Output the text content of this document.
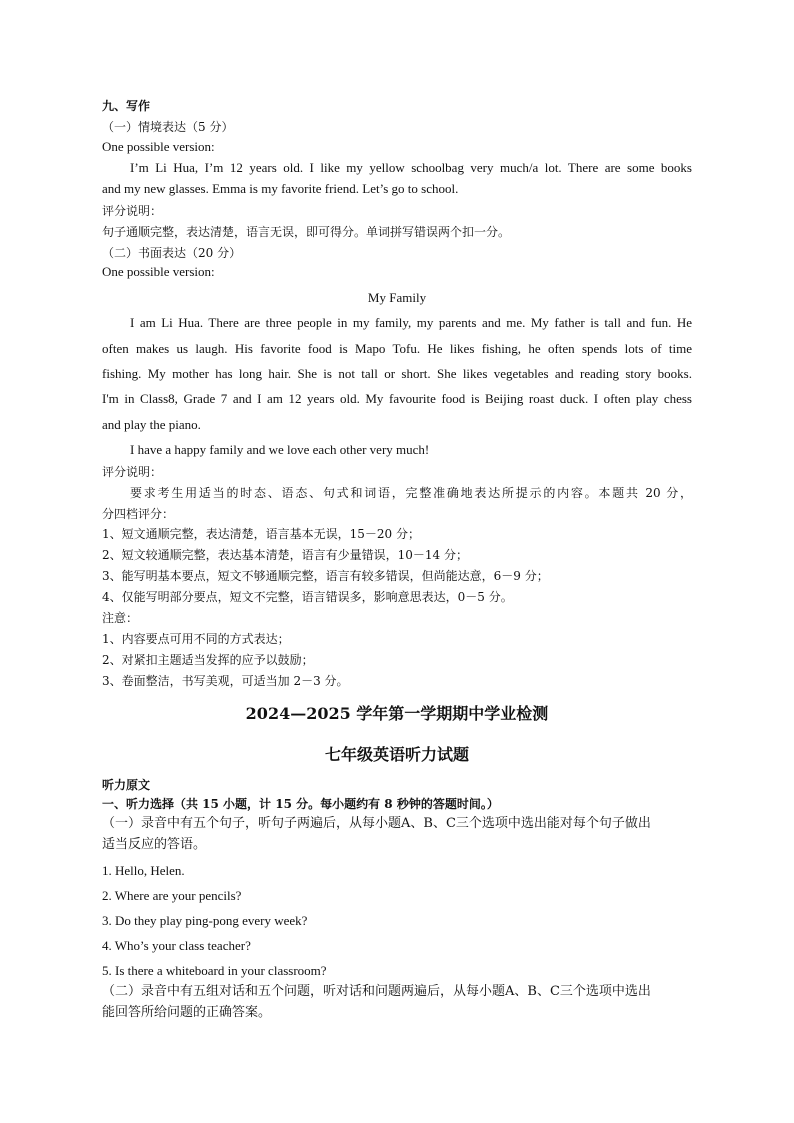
九、写作
（一）情境表达（5 分）
One possible version:
I’m Li Hua, I’m 12 years old. I like my yellow schoolbag very much/a lot. There are some books
and my new glasses. Emma is my favorite friend. Let’s go to school.
评分说明：
句子通顺完整，表达清楚，语言无误，即可得分。单词拼写错误两个扣一分。
（二）书面表达（20 分）
One possible version:
My Family
I am Li Hua. There are three people in my family, my parents and me. My father is tall and fun. He
often makes us laugh. His favorite food is Mapo Tofu. He likes fishing, he often spends lots of time
fishing. My mother has long hair. She is not tall or short. She likes vegetables and reading story books.
I'm in Class8, Grade 7 and I am 12 years old. My favourite food is Beijing roast duck. I often play chess
and play the piano.
I have a happy family and we love each other very much!
评分说明：
要求考生用适当的时态、语态、句式和词语，完整准确地表达所提示的内容。本题共 20 分，
分四档评分：
1、短文通顺完整，表达清楚，语言基本无误，15－20 分；
2、短文较通顺完整，表达基本清楚，语言有少量错误，10－14 分；
3、能写明基本要点，短文不够通顺完整，语言有较多错误，但尚能达意，6－9 分；
4、仅能写明部分要点，短文不完整，语言错误多，影响意思表达，0－5 分。
注意：
1、内容要点可用不同的方式表达；
2、对紧扣主题适当发挥的应予以鼓励；
3、卷面整洁，书写美观，可适当加 2－3 分。
2024—2025 学年第一学期期中学业检测
七年级英语听力试题
听力原文
一、听力选择（共 15 小题，计 15 分。每小题约有 8 秒钟的答题时间。）
（一）录音中有五个句子，听句子两遍后，从每小题A、B、C三个选项中选出能对每个句子做出
适当反应的答语。
1. Hello, Helen.
2. Where are your pencils?
3. Do they play ping-pong every week?
4. Who’s your class teacher?
5. Is there a whiteboard in your classroom?
（二）录音中有五组对话和五个问题，听对话和问题两遍后，从每小题A、B、C三个选项中选出
能回答所给问题的正确答案。
